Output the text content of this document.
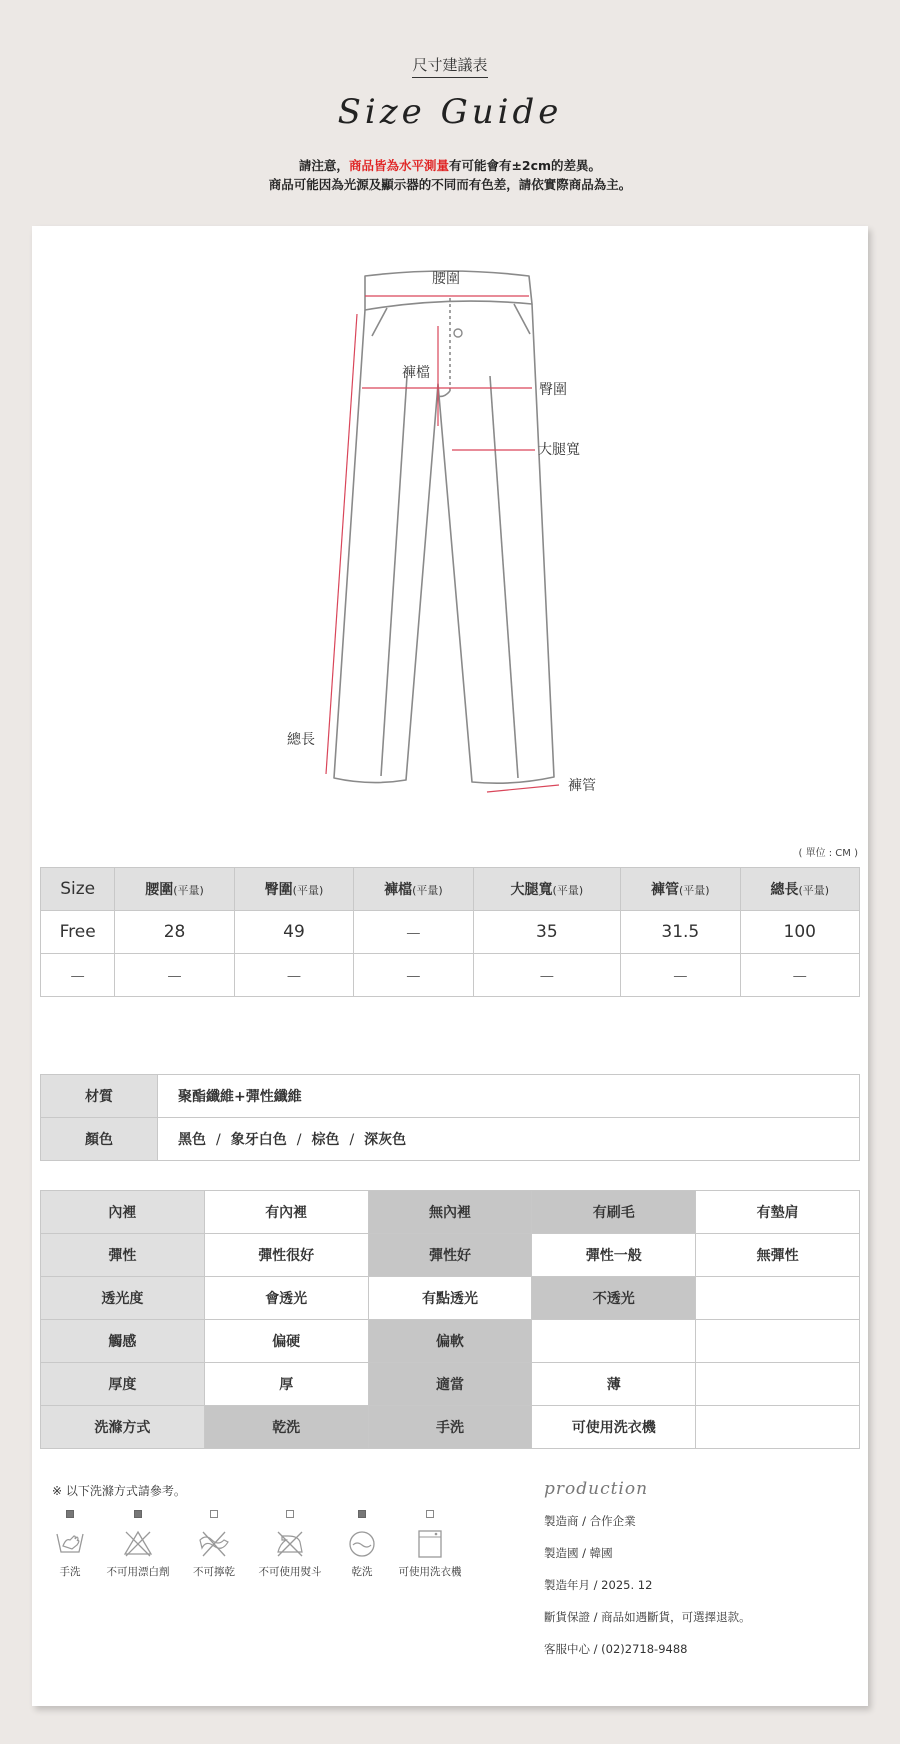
尺寸建議表
Size Guide
請注意，商品皆為水平測量有可能會有±2cm的差異。
商品可能因為光源及顯示器的不同而有色差，請依實際商品為主。
腰圍
褲檔
臀圍
大腿寬
總長
褲管
( 單位 : CM )
Size	腰圍(平量)	臀圍(平量)	褲檔(平量)	大腿寬(平量)	褲管(平量)	總長(平量)
Free	28	49	－	35	31.5	100
－	－	－	－	－	－	－
材質	聚酯纖維+彈性纖維
顏色	黑色 / 象牙白色 / 棕色 / 深灰色
內裡	有內裡	無內裡	有刷毛	有墊肩
彈性	彈性很好	彈性好	彈性一般	無彈性
透光度	會透光	有點透光	不透光	
觸感	偏硬	偏軟		
厚度	厚	適當	薄	
洗滌方式	乾洗	手洗	可使用洗衣機	
※ 以下洗滌方式請參考。
手洗	不可用漂白劑	不可擰乾	不可使用熨斗	乾洗	可使用洗衣機
production
製造商 / 合作企業
製造國 / 韓國
製造年月 / 2025. 12
斷貨保證 / 商品如遇斷貨，可選擇退款。
客服中心 / (02)2718-9488
